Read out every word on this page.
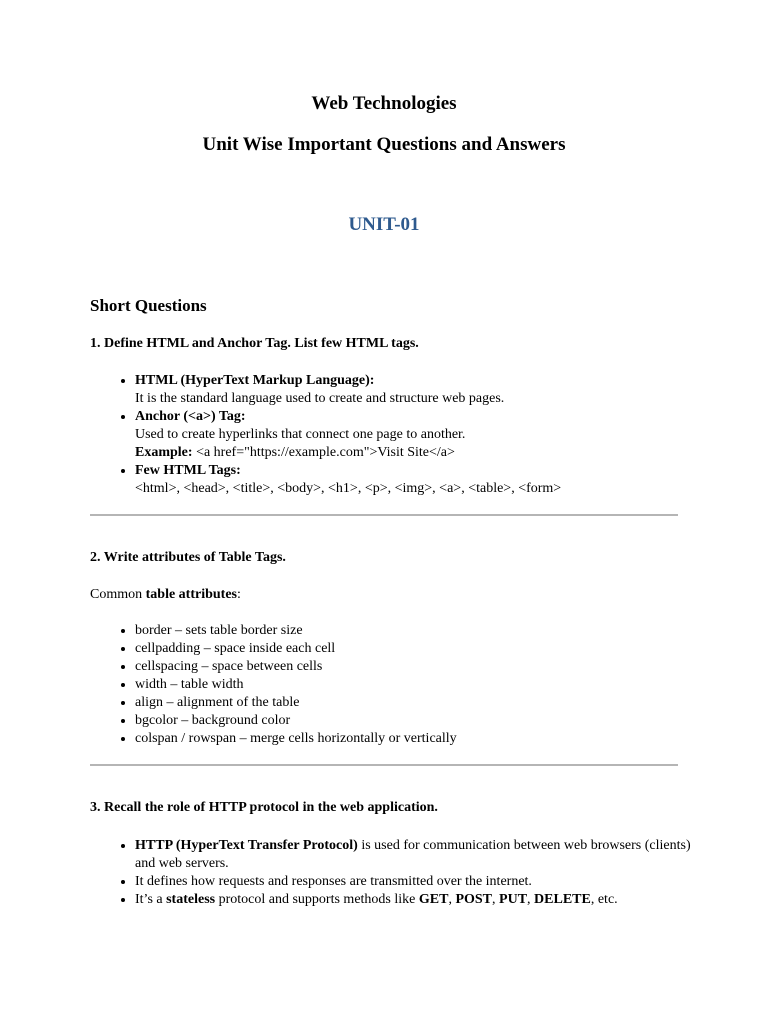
Web Technologies
Unit Wise Important Questions and Answers
UNIT-01
Short Questions

1. Define HTML and Anchor Tag. List few HTML tags.

• HTML (HyperText Markup Language):
It is the standard language used to create and structure web pages.
• Anchor (<a>) Tag:
Used to create hyperlinks that connect one page to another.
Example: <a href="https://example.com">Visit Site</a>
• Few HTML Tags:
<html>, <head>, <title>, <body>, <h1>, <p>, <img>, <a>, <table>, <form>

2. Write attributes of Table Tags.

Common table attributes:

• border – sets table border size
• cellpadding – space inside each cell
• cellspacing – space between cells
• width – table width
• align – alignment of the table
• bgcolor – background color
• colspan / rowspan – merge cells horizontally or vertically

3. Recall the role of HTTP protocol in the web application.

• HTTP (HyperText Transfer Protocol) is used for communication between web browsers (clients) and web servers.
• It defines how requests and responses are transmitted over the internet.
• It’s a stateless protocol and supports methods like GET, POST, PUT, DELETE, etc.
